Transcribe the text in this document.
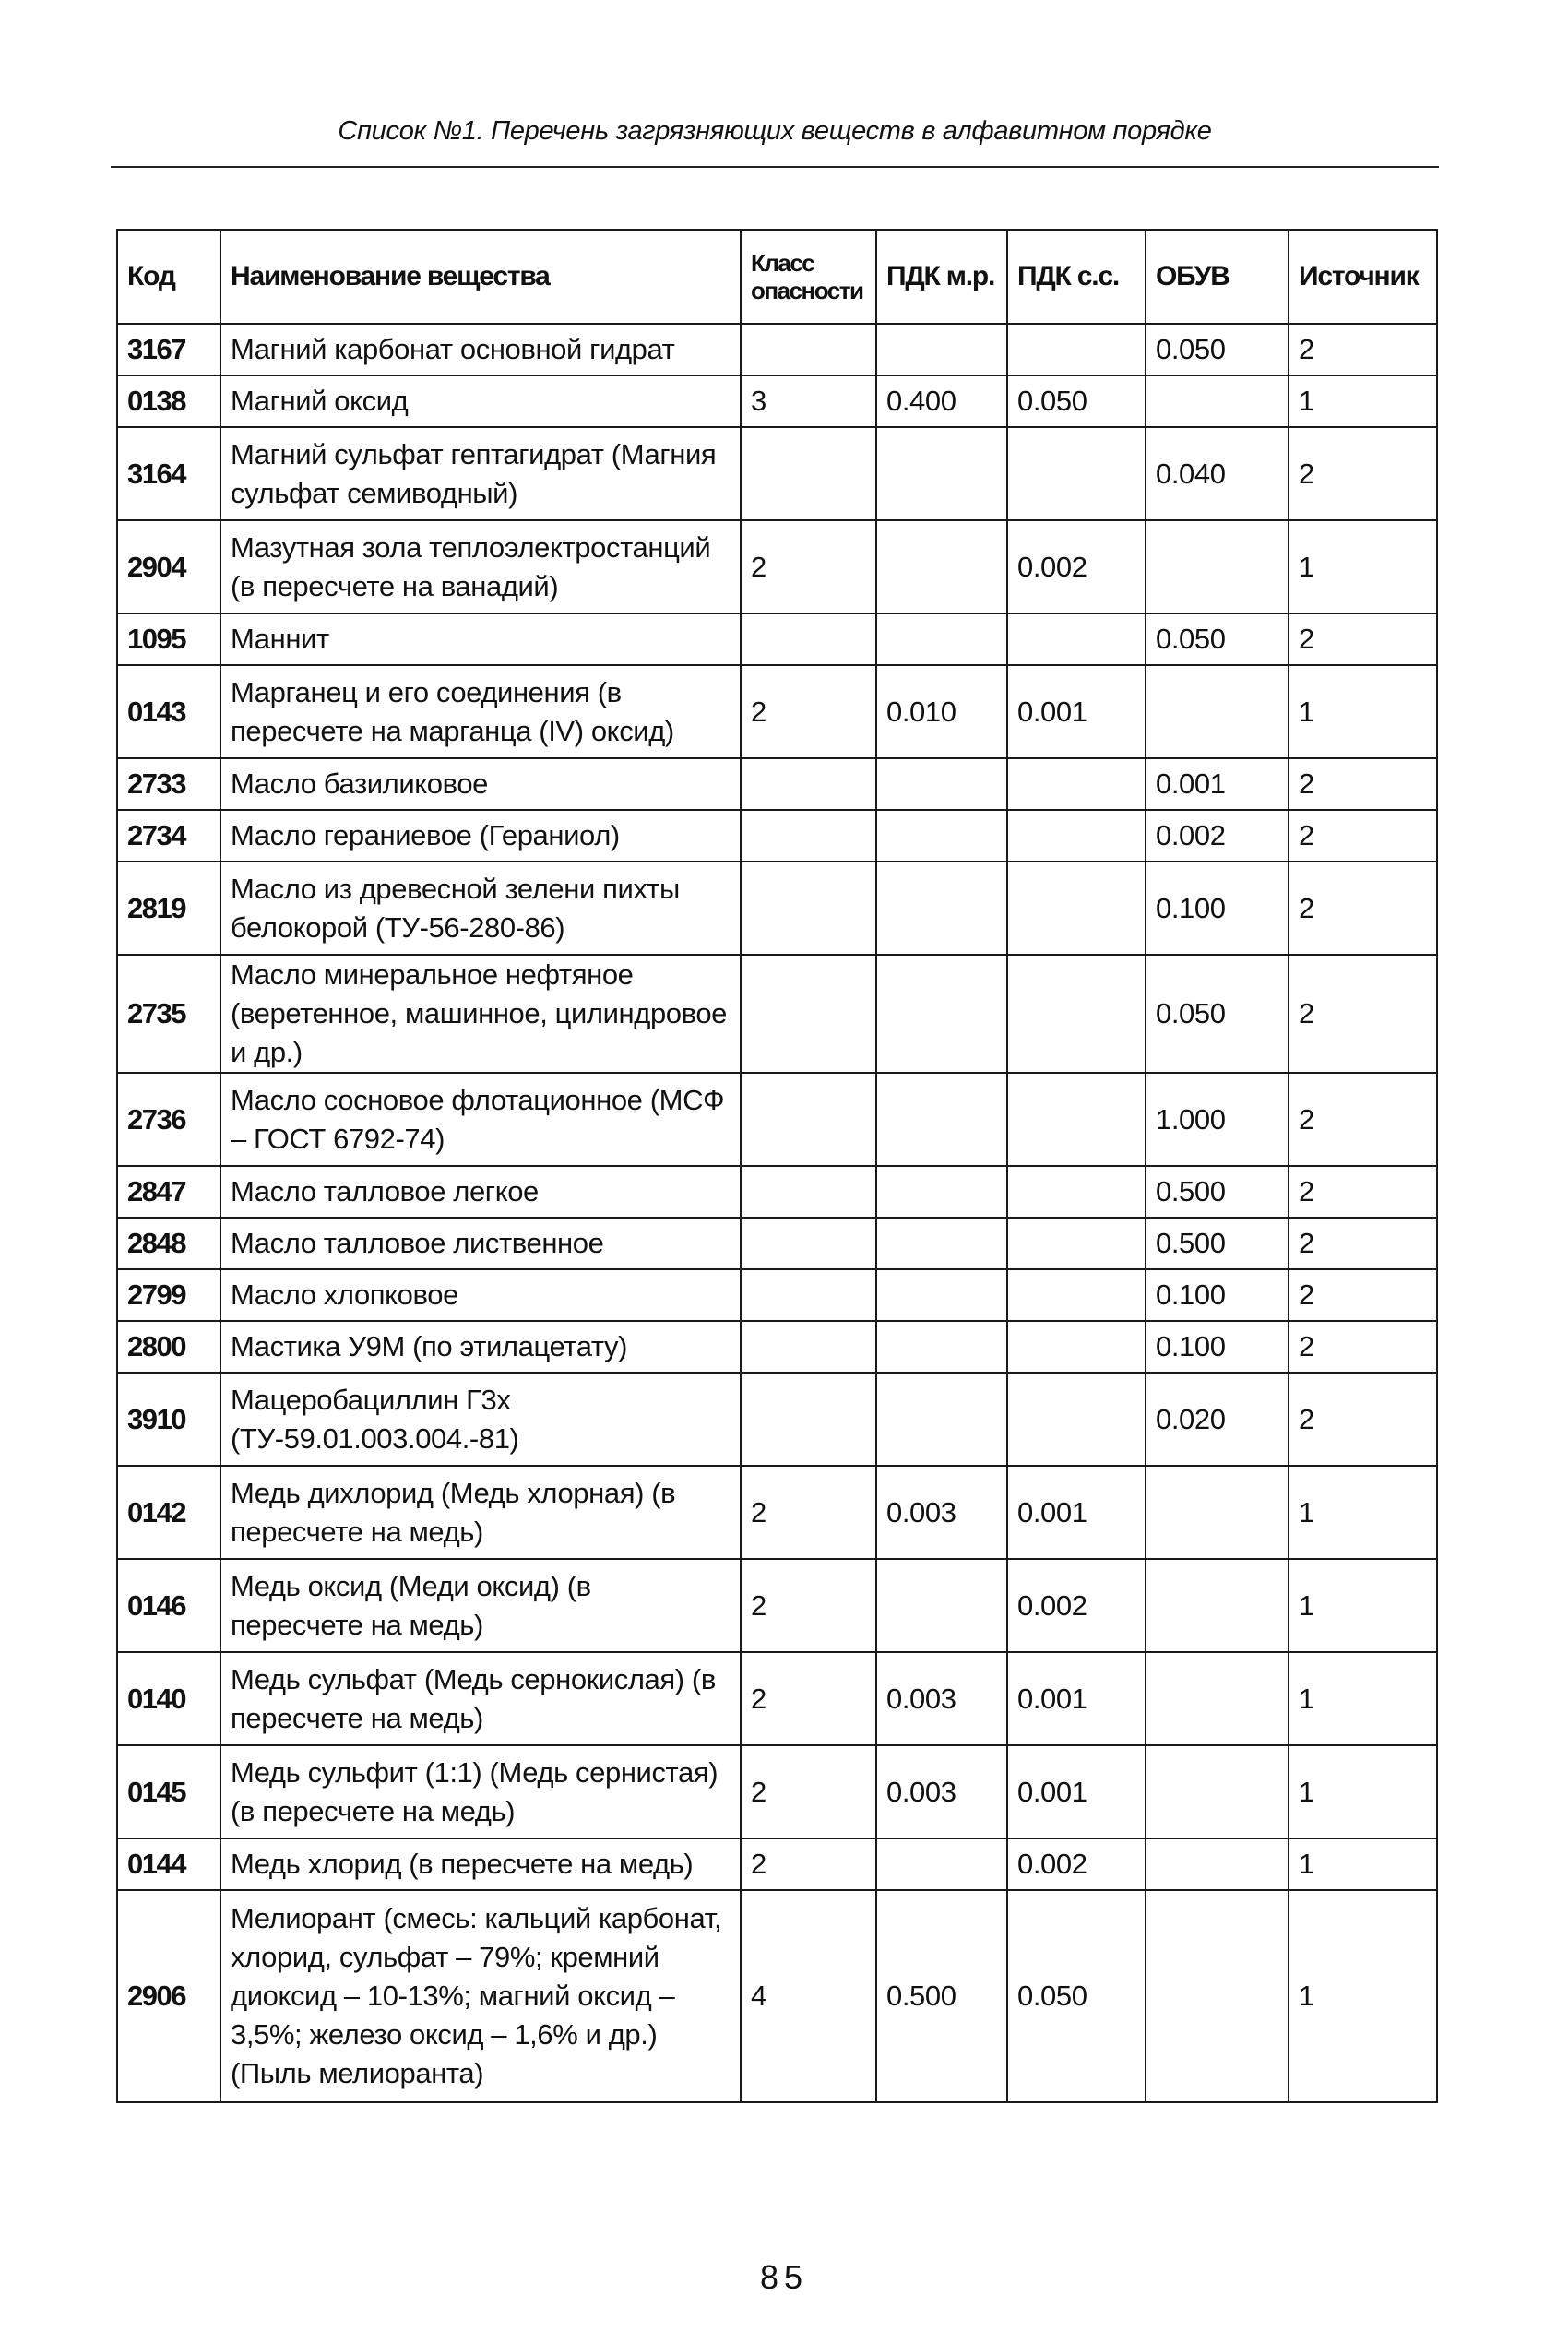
Список №1. Перечень загрязняющих веществ в алфавитном порядке
Код	Наименование вещества	Класс опасности	ПДК м.р.	ПДК с.с.	ОБУВ	Источник
3167	Магний карбонат основной гидрат				0.050	2
0138	Магний оксид	3	0.400	0.050		1
3164	Магний сульфат гептагидрат (Магния сульфат семиводный)				0.040	2
2904	Мазутная зола теплоэлектростанций (в пересчете на ванадий)	2		0.002		1
1095	Маннит				0.050	2
0143	Марганец и его соединения (в пересчете на марганца (IV) оксид)	2	0.010	0.001		1
2733	Масло базиликовое				0.001	2
2734	Масло гераниевое (Гераниол)				0.002	2
2819	Масло из древесной зелени пихты белокорой (ТУ-56-280-86)				0.100	2
2735	Масло минеральное нефтяное (веретенное, машинное, цилиндровое и др.)				0.050	2
2736	Масло сосновое флотационное (МСФ – ГОСТ 6792-74)				1.000	2
2847	Масло талловое легкое				0.500	2
2848	Масло талловое лиственное				0.500	2
2799	Масло хлопковое				0.100	2
2800	Мастика У9М (по этилацетату)				0.100	2
3910	Мацеробациллин Г3х (ТУ-59.01.003.004.-81)				0.020	2
0142	Медь дихлорид (Медь хлорная) (в пересчете на медь)	2	0.003	0.001		1
0146	Медь оксид (Меди оксид) (в пересчете на медь)	2		0.002		1
0140	Медь сульфат (Медь сернокислая) (в пересчете на медь)	2	0.003	0.001		1
0145	Медь сульфит (1:1) (Медь сернистая) (в пересчете на медь)	2	0.003	0.001		1
0144	Медь хлорид (в пересчете на медь)	2		0.002		1
2906	Мелиорант (смесь: кальций карбонат, хлорид, сульфат – 79%; кремний диоксид – 10-13%; магний оксид – 3,5%; железо оксид – 1,6% и др.) (Пыль мелиоранта)	4	0.500	0.050		1
85
